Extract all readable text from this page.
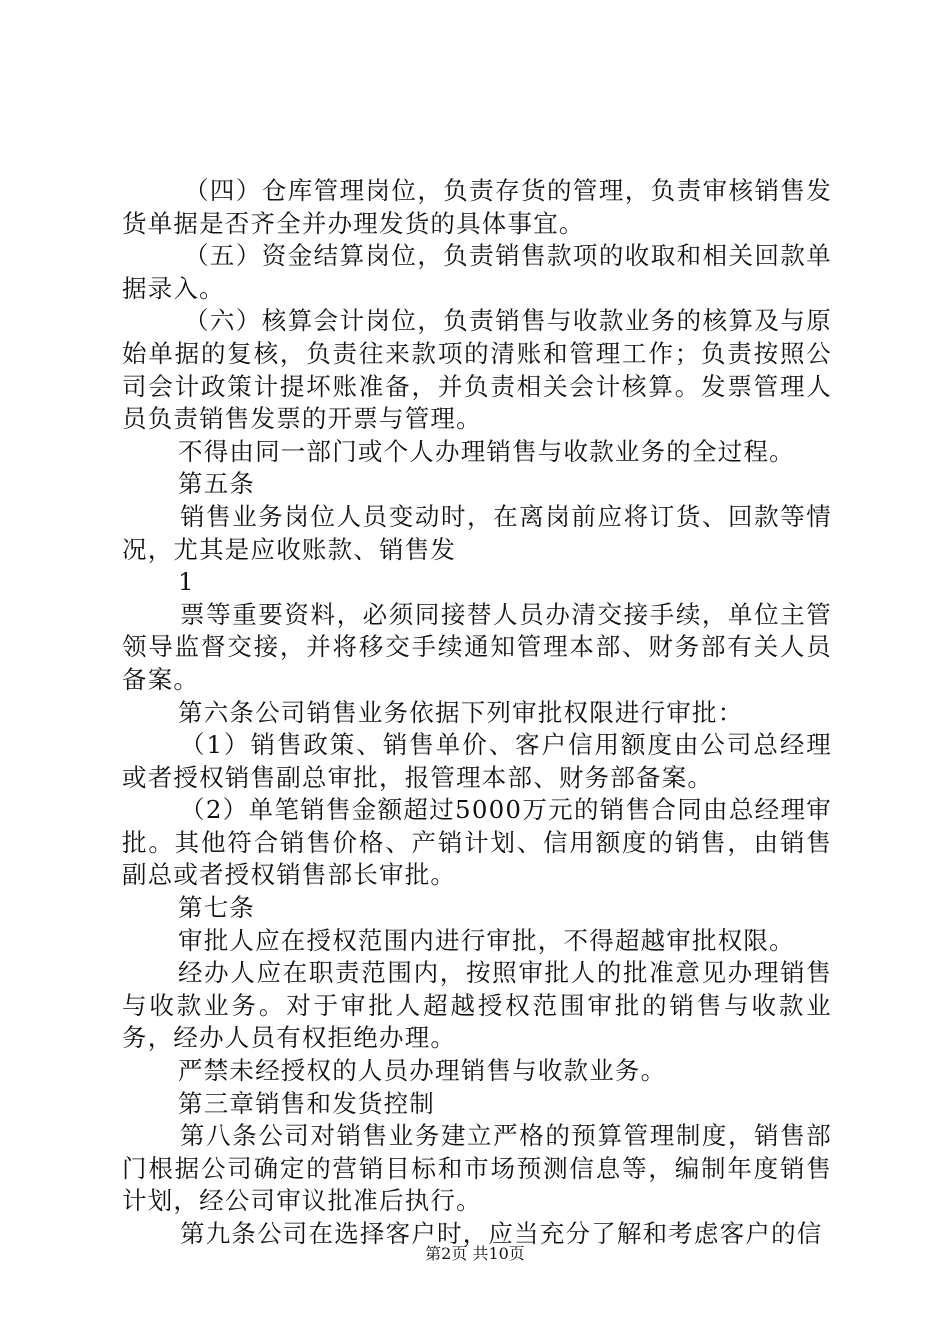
（四）仓库管理岗位，负责存货的管理，负责审核销售发货单据是否齐全并办理发货的具体事宜。

（五）资金结算岗位，负责销售款项的收取和相关回款单据录入。

（六）核算会计岗位，负责销售与收款业务的核算及与原始单据的复核，负责往来款项的清账和管理工作；负责按照公司会计政策计提坏账准备，并负责相关会计核算。发票管理人员负责销售发票的开票与管理。

不得由同一部门或个人办理销售与收款业务的全过程。

第五条

销售业务岗位人员变动时，在离岗前应将订货、回款等情况，尤其是应收账款、销售发

1

票等重要资料，必须同接替人员办清交接手续，单位主管领导监督交接，并将移交手续通知管理本部、财务部有关人员备案。

第六条公司销售业务依据下列审批权限进行审批：

（1）销售政策、销售单价、客户信用额度由公司总经理或者授权销售副总审批，报管理本部、财务部备案。

（2）单笔销售金额超过5000万元的销售合同由总经理审批。其他符合销售价格、产销计划、信用额度的销售，由销售副总或者授权销售部长审批。

第七条

审批人应在授权范围内进行审批，不得超越审批权限。

经办人应在职责范围内，按照审批人的批准意见办理销售与收款业务。对于审批人超越授权范围审批的销售与收款业务，经办人员有权拒绝办理。

严禁未经授权的人员办理销售与收款业务。

第三章销售和发货控制

第八条公司对销售业务建立严格的预算管理制度，销售部门根据公司确定的营销目标和市场预测信息等，编制年度销售计划，经公司审议批准后执行。

第九条公司在选择客户时，应当充分了解和考虑客户的信

第2页 共10页
